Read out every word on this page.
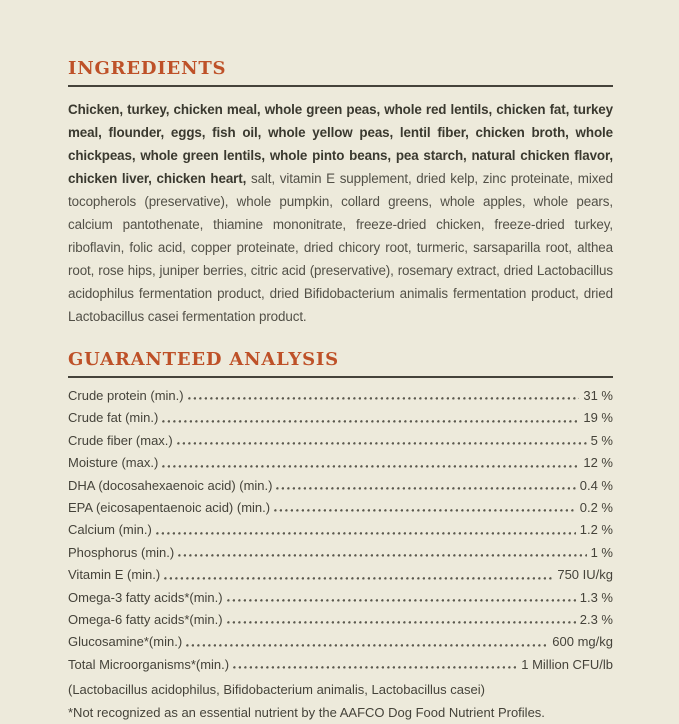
INGREDIENTS

Chicken, turkey, chicken meal, whole green peas, whole red lentils, chicken fat, turkey meal, flounder, eggs, fish oil, whole yellow peas, lentil fiber, chicken broth, whole chickpeas, whole green lentils, whole pinto beans, pea starch, natural chicken flavor, chicken liver, chicken heart, salt, vitamin E supplement, dried kelp, zinc proteinate, mixed tocopherols (preservative), whole pumpkin, collard greens, whole apples, whole pears, calcium pantothenate, thiamine mononitrate, freeze-dried chicken, freeze-dried turkey, riboflavin, folic acid, copper proteinate, dried chicory root, turmeric, sarsaparilla root, althea root, rose hips, juniper berries, citric acid (preservative), rosemary extract, dried Lactobacillus acidophilus fermentation product, dried Bifidobacterium animalis fermentation product, dried Lactobacillus casei fermentation product.

GUARANTEED ANALYSIS
Crude protein (min.)	31 %
Crude fat (min.)	19 %
Crude fiber (max.)	5 %
Moisture (max.)	12 %
DHA (docosahexaenoic acid) (min.)	0.4 %
EPA (eicosapentaenoic acid) (min.)	0.2 %
Calcium (min.)	1.2 %
Phosphorus (min.)	1 %
Vitamin E (min.)	750 IU/kg
Omega-3 fatty acids*(min.)	1.3 %
Omega-6 fatty acids*(min.)	2.3 %
Glucosamine*(min.)	600 mg/kg
Total Microorganisms*(min.)	1 Million CFU/lb
(Lactobacillus acidophilus, Bifidobacterium animalis, Lactobacillus casei)
*Not recognized as an essential nutrient by the AAFCO Dog Food Nutrient Profiles.
